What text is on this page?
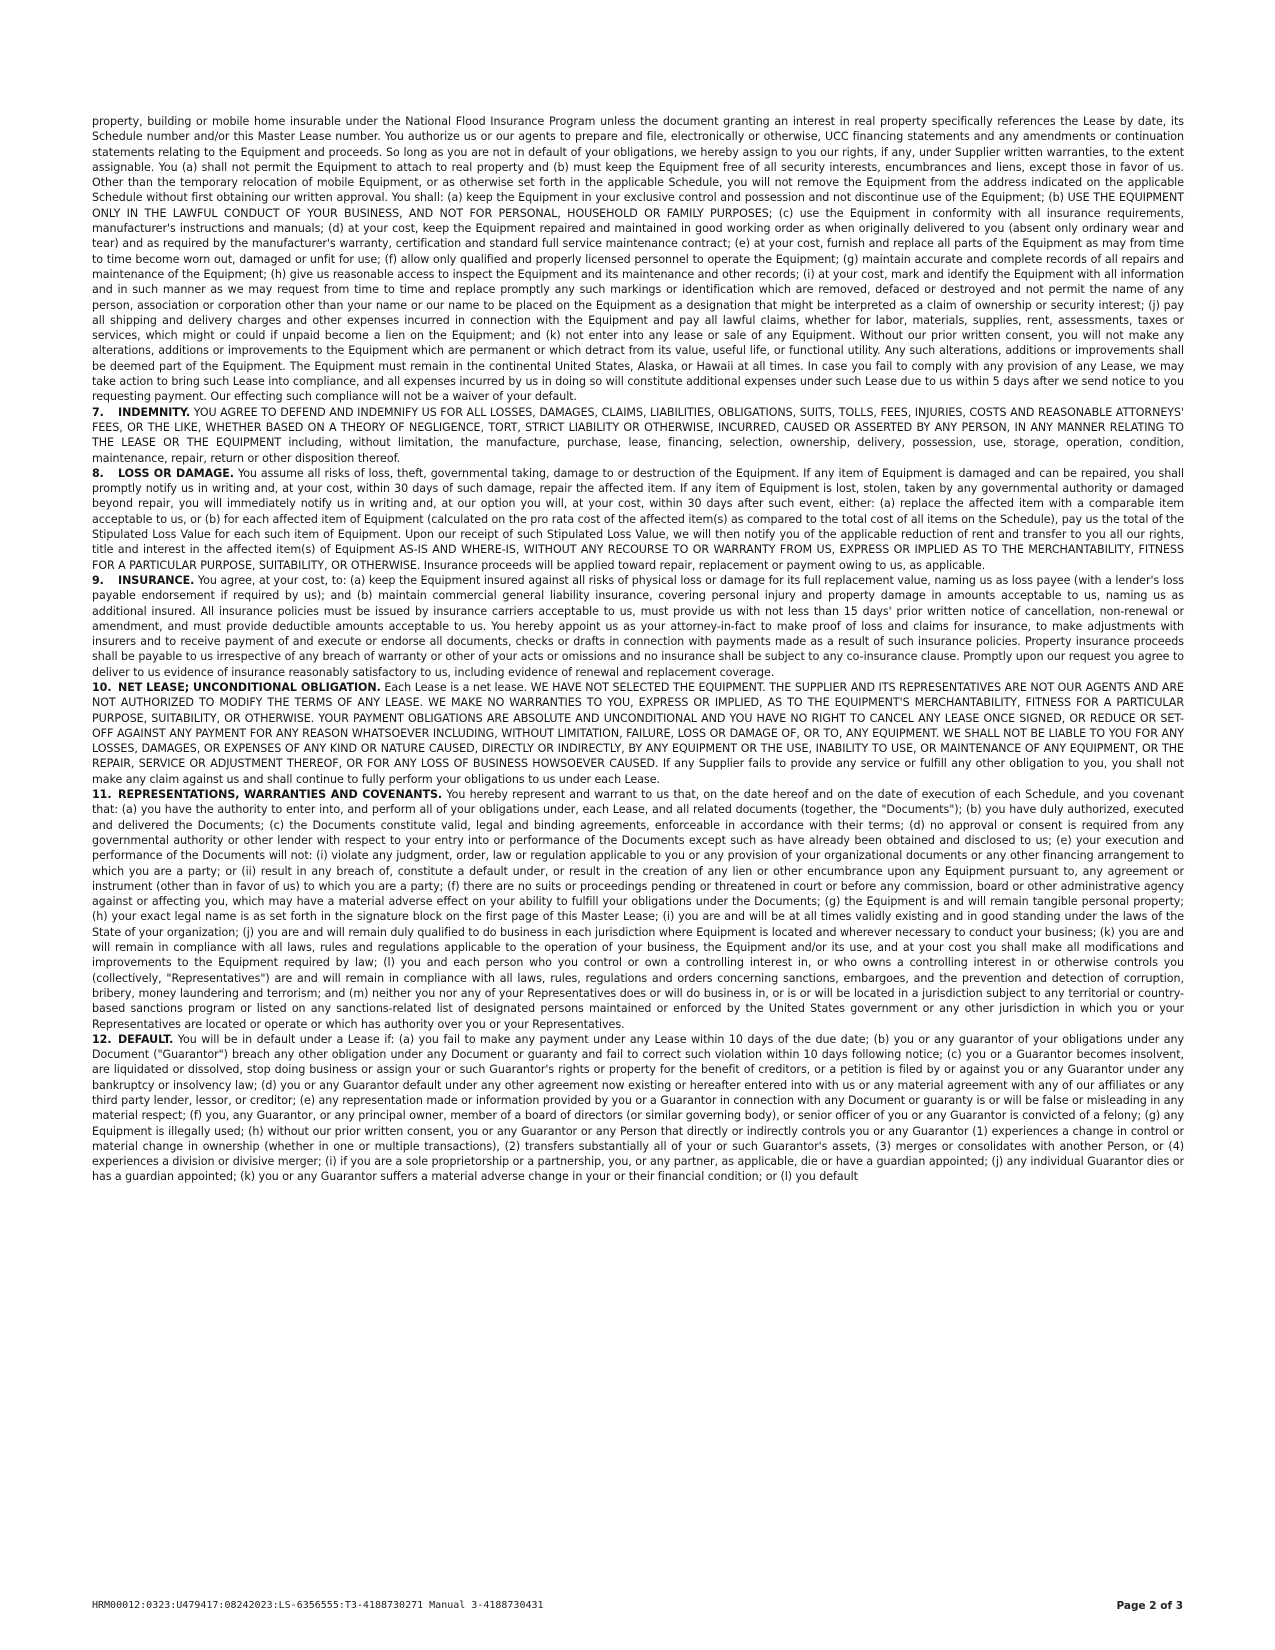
property, building or mobile home insurable under the National Flood Insurance Program unless the document granting an interest in real property specifically references the Lease by date, its Schedule number and/or this Master Lease number. You authorize us or our agents to prepare and file, electronically or otherwise, UCC financing statements and any amendments or continuation statements relating to the Equipment and proceeds. So long as you are not in default of your obligations, we hereby assign to you our rights, if any, under Supplier written warranties, to the extent assignable. You (a) shall not permit the Equipment to attach to real property and (b) must keep the Equipment free of all security interests, encumbrances and liens, except those in favor of us. Other than the temporary relocation of mobile Equipment, or as otherwise set forth in the applicable Schedule, you will not remove the Equipment from the address indicated on the applicable Schedule without first obtaining our written approval. You shall: (a) keep the Equipment in your exclusive control and possession and not discontinue use of the Equipment; (b) USE THE EQUIPMENT ONLY IN THE LAWFUL CONDUCT OF YOUR BUSINESS, AND NOT FOR PERSONAL, HOUSEHOLD OR FAMILY PURPOSES; (c) use the Equipment in conformity with all insurance requirements, manufacturer's instructions and manuals; (d) at your cost, keep the Equipment repaired and maintained in good working order as when originally delivered to you (absent only ordinary wear and tear) and as required by the manufacturer's warranty, certification and standard full service maintenance contract; (e) at your cost, furnish and replace all parts of the Equipment as may from time to time become worn out, damaged or unfit for use; (f) allow only qualified and properly licensed personnel to operate the Equipment; (g) maintain accurate and complete records of all repairs and maintenance of the Equipment; (h) give us reasonable access to inspect the Equipment and its maintenance and other records; (i) at your cost, mark and identify the Equipment with all information and in such manner as we may request from time to time and replace promptly any such markings or identification which are removed, defaced or destroyed and not permit the name of any person, association or corporation other than your name or our name to be placed on the Equipment as a designation that might be interpreted as a claim of ownership or security interest; (j) pay all shipping and delivery charges and other expenses incurred in connection with the Equipment and pay all lawful claims, whether for labor, materials, supplies, rent, assessments, taxes or services, which might or could if unpaid become a lien on the Equipment; and (k) not enter into any lease or sale of any Equipment. Without our prior written consent, you will not make any alterations, additions or improvements to the Equipment which are permanent or which detract from its value, useful life, or functional utility. Any such alterations, additions or improvements shall be deemed part of the Equipment. The Equipment must remain in the continental United States, Alaska, or Hawaii at all times. In case you fail to comply with any provision of any Lease, we may take action to bring such Lease into compliance, and all expenses incurred by us in doing so will constitute additional expenses under such Lease due to us within 5 days after we send notice to you requesting payment. Our effecting such compliance will not be a waiver of your default.

7. INDEMNITY. YOU AGREE TO DEFEND AND INDEMNIFY US FOR ALL LOSSES, DAMAGES, CLAIMS, LIABILITIES, OBLIGATIONS, SUITS, TOLLS, FEES, INJURIES, COSTS AND REASONABLE ATTORNEYS' FEES, OR THE LIKE, WHETHER BASED ON A THEORY OF NEGLIGENCE, TORT, STRICT LIABILITY OR OTHERWISE, INCURRED, CAUSED OR ASSERTED BY ANY PERSON, IN ANY MANNER RELATING TO THE LEASE OR THE EQUIPMENT including, without limitation, the manufacture, purchase, lease, financing, selection, ownership, delivery, possession, use, storage, operation, condition, maintenance, repair, return or other disposition thereof.

8. LOSS OR DAMAGE. You assume all risks of loss, theft, governmental taking, damage to or destruction of the Equipment. If any item of Equipment is damaged and can be repaired, you shall promptly notify us in writing and, at your cost, within 30 days of such damage, repair the affected item. If any item of Equipment is lost, stolen, taken by any governmental authority or damaged beyond repair, you will immediately notify us in writing and, at our option you will, at your cost, within 30 days after such event, either: (a) replace the affected item with a comparable item acceptable to us, or (b) for each affected item of Equipment (calculated on the pro rata cost of the affected item(s) as compared to the total cost of all items on the Schedule), pay us the total of the Stipulated Loss Value for each such item of Equipment. Upon our receipt of such Stipulated Loss Value, we will then notify you of the applicable reduction of rent and transfer to you all our rights, title and interest in the affected item(s) of Equipment AS-IS AND WHERE-IS, WITHOUT ANY RECOURSE TO OR WARRANTY FROM US, EXPRESS OR IMPLIED AS TO THE MERCHANTABILITY, FITNESS FOR A PARTICULAR PURPOSE, SUITABILITY, OR OTHERWISE. Insurance proceeds will be applied toward repair, replacement or payment owing to us, as applicable.

9. INSURANCE. You agree, at your cost, to: (a) keep the Equipment insured against all risks of physical loss or damage for its full replacement value, naming us as loss payee (with a lender's loss payable endorsement if required by us); and (b) maintain commercial general liability insurance, covering personal injury and property damage in amounts acceptable to us, naming us as additional insured. All insurance policies must be issued by insurance carriers acceptable to us, must provide us with not less than 15 days' prior written notice of cancellation, non-renewal or amendment, and must provide deductible amounts acceptable to us. You hereby appoint us as your attorney-in-fact to make proof of loss and claims for insurance, to make adjustments with insurers and to receive payment of and execute or endorse all documents, checks or drafts in connection with payments made as a result of such insurance policies. Property insurance proceeds shall be payable to us irrespective of any breach of warranty or other of your acts or omissions and no insurance shall be subject to any co-insurance clause. Promptly upon our request you agree to deliver to us evidence of insurance reasonably satisfactory to us, including evidence of renewal and replacement coverage.

10. NET LEASE; UNCONDITIONAL OBLIGATION. Each Lease is a net lease. WE HAVE NOT SELECTED THE EQUIPMENT. THE SUPPLIER AND ITS REPRESENTATIVES ARE NOT OUR AGENTS AND ARE NOT AUTHORIZED TO MODIFY THE TERMS OF ANY LEASE. WE MAKE NO WARRANTIES TO YOU, EXPRESS OR IMPLIED, AS TO THE EQUIPMENT'S MERCHANTABILITY, FITNESS FOR A PARTICULAR PURPOSE, SUITABILITY, OR OTHERWISE. YOUR PAYMENT OBLIGATIONS ARE ABSOLUTE AND UNCONDITIONAL AND YOU HAVE NO RIGHT TO CANCEL ANY LEASE ONCE SIGNED, OR REDUCE OR SET-OFF AGAINST ANY PAYMENT FOR ANY REASON WHATSOEVER INCLUDING, WITHOUT LIMITATION, FAILURE, LOSS OR DAMAGE OF, OR TO, ANY EQUIPMENT. WE SHALL NOT BE LIABLE TO YOU FOR ANY LOSSES, DAMAGES, OR EXPENSES OF ANY KIND OR NATURE CAUSED, DIRECTLY OR INDIRECTLY, BY ANY EQUIPMENT OR THE USE, INABILITY TO USE, OR MAINTENANCE OF ANY EQUIPMENT, OR THE REPAIR, SERVICE OR ADJUSTMENT THEREOF, OR FOR ANY LOSS OF BUSINESS HOWSOEVER CAUSED. If any Supplier fails to provide any service or fulfill any other obligation to you, you shall not make any claim against us and shall continue to fully perform your obligations to us under each Lease.

11. REPRESENTATIONS, WARRANTIES AND COVENANTS. You hereby represent and warrant to us that, on the date hereof and on the date of execution of each Schedule, and you covenant that: (a) you have the authority to enter into, and perform all of your obligations under, each Lease, and all related documents (together, the "Documents"); (b) you have duly authorized, executed and delivered the Documents; (c) the Documents constitute valid, legal and binding agreements, enforceable in accordance with their terms; (d) no approval or consent is required from any governmental authority or other lender with respect to your entry into or performance of the Documents except such as have already been obtained and disclosed to us; (e) your execution and performance of the Documents will not: (i) violate any judgment, order, law or regulation applicable to you or any provision of your organizational documents or any other financing arrangement to which you are a party; or (ii) result in any breach of, constitute a default under, or result in the creation of any lien or other encumbrance upon any Equipment pursuant to, any agreement or instrument (other than in favor of us) to which you are a party; (f) there are no suits or proceedings pending or threatened in court or before any commission, board or other administrative agency against or affecting you, which may have a material adverse effect on your ability to fulfill your obligations under the Documents; (g) the Equipment is and will remain tangible personal property; (h) your exact legal name is as set forth in the signature block on the first page of this Master Lease; (i) you are and will be at all times validly existing and in good standing under the laws of the State of your organization; (j) you are and will remain duly qualified to do business in each jurisdiction where Equipment is located and wherever necessary to conduct your business; (k) you are and will remain in compliance with all laws, rules and regulations applicable to the operation of your business, the Equipment and/or its use, and at your cost you shall make all modifications and improvements to the Equipment required by law; (l) you and each person who you control or own a controlling interest in, or who owns a controlling interest in or otherwise controls you (collectively, "Representatives") are and will remain in compliance with all laws, rules, regulations and orders concerning sanctions, embargoes, and the prevention and detection of corruption, bribery, money laundering and terrorism; and (m) neither you nor any of your Representatives does or will do business in, or is or will be located in a jurisdiction subject to any territorial or country-based sanctions program or listed on any sanctions-related list of designated persons maintained or enforced by the United States government or any other jurisdiction in which you or your Representatives are located or operate or which has authority over you or your Representatives.

12. DEFAULT. You will be in default under a Lease if: (a) you fail to make any payment under any Lease within 10 days of the due date; (b) you or any guarantor of your obligations under any Document ("Guarantor") breach any other obligation under any Document or guaranty and fail to correct such violation within 10 days following notice; (c) you or a Guarantor becomes insolvent, are liquidated or dissolved, stop doing business or assign your or such Guarantor's rights or property for the benefit of creditors, or a petition is filed by or against you or any Guarantor under any bankruptcy or insolvency law; (d) you or any Guarantor default under any other agreement now existing or hereafter entered into with us or any material agreement with any of our affiliates or any third party lender, lessor, or creditor; (e) any representation made or information provided by you or a Guarantor in connection with any Document or guaranty is or will be false or misleading in any material respect; (f) you, any Guarantor, or any principal owner, member of a board of directors (or similar governing body), or senior officer of you or any Guarantor is convicted of a felony; (g) any Equipment is illegally used; (h) without our prior written consent, you or any Guarantor or any Person that directly or indirectly controls you or any Guarantor (1) experiences a change in control or material change in ownership (whether in one or multiple transactions), (2) transfers substantially all of your or such Guarantor's assets, (3) merges or consolidates with another Person, or (4) experiences a division or divisive merger; (i) if you are a sole proprietorship or a partnership, you, or any partner, as applicable, die or have a guardian appointed; (j) any individual Guarantor dies or has a guardian appointed; (k) you or any Guarantor suffers a material adverse change in your or their financial condition; or (l) you default

HRM00012:0323:U479417:08242023:LS-6356555:T3-4188730271 Manual 3-4188730431	Page 2 of 3
